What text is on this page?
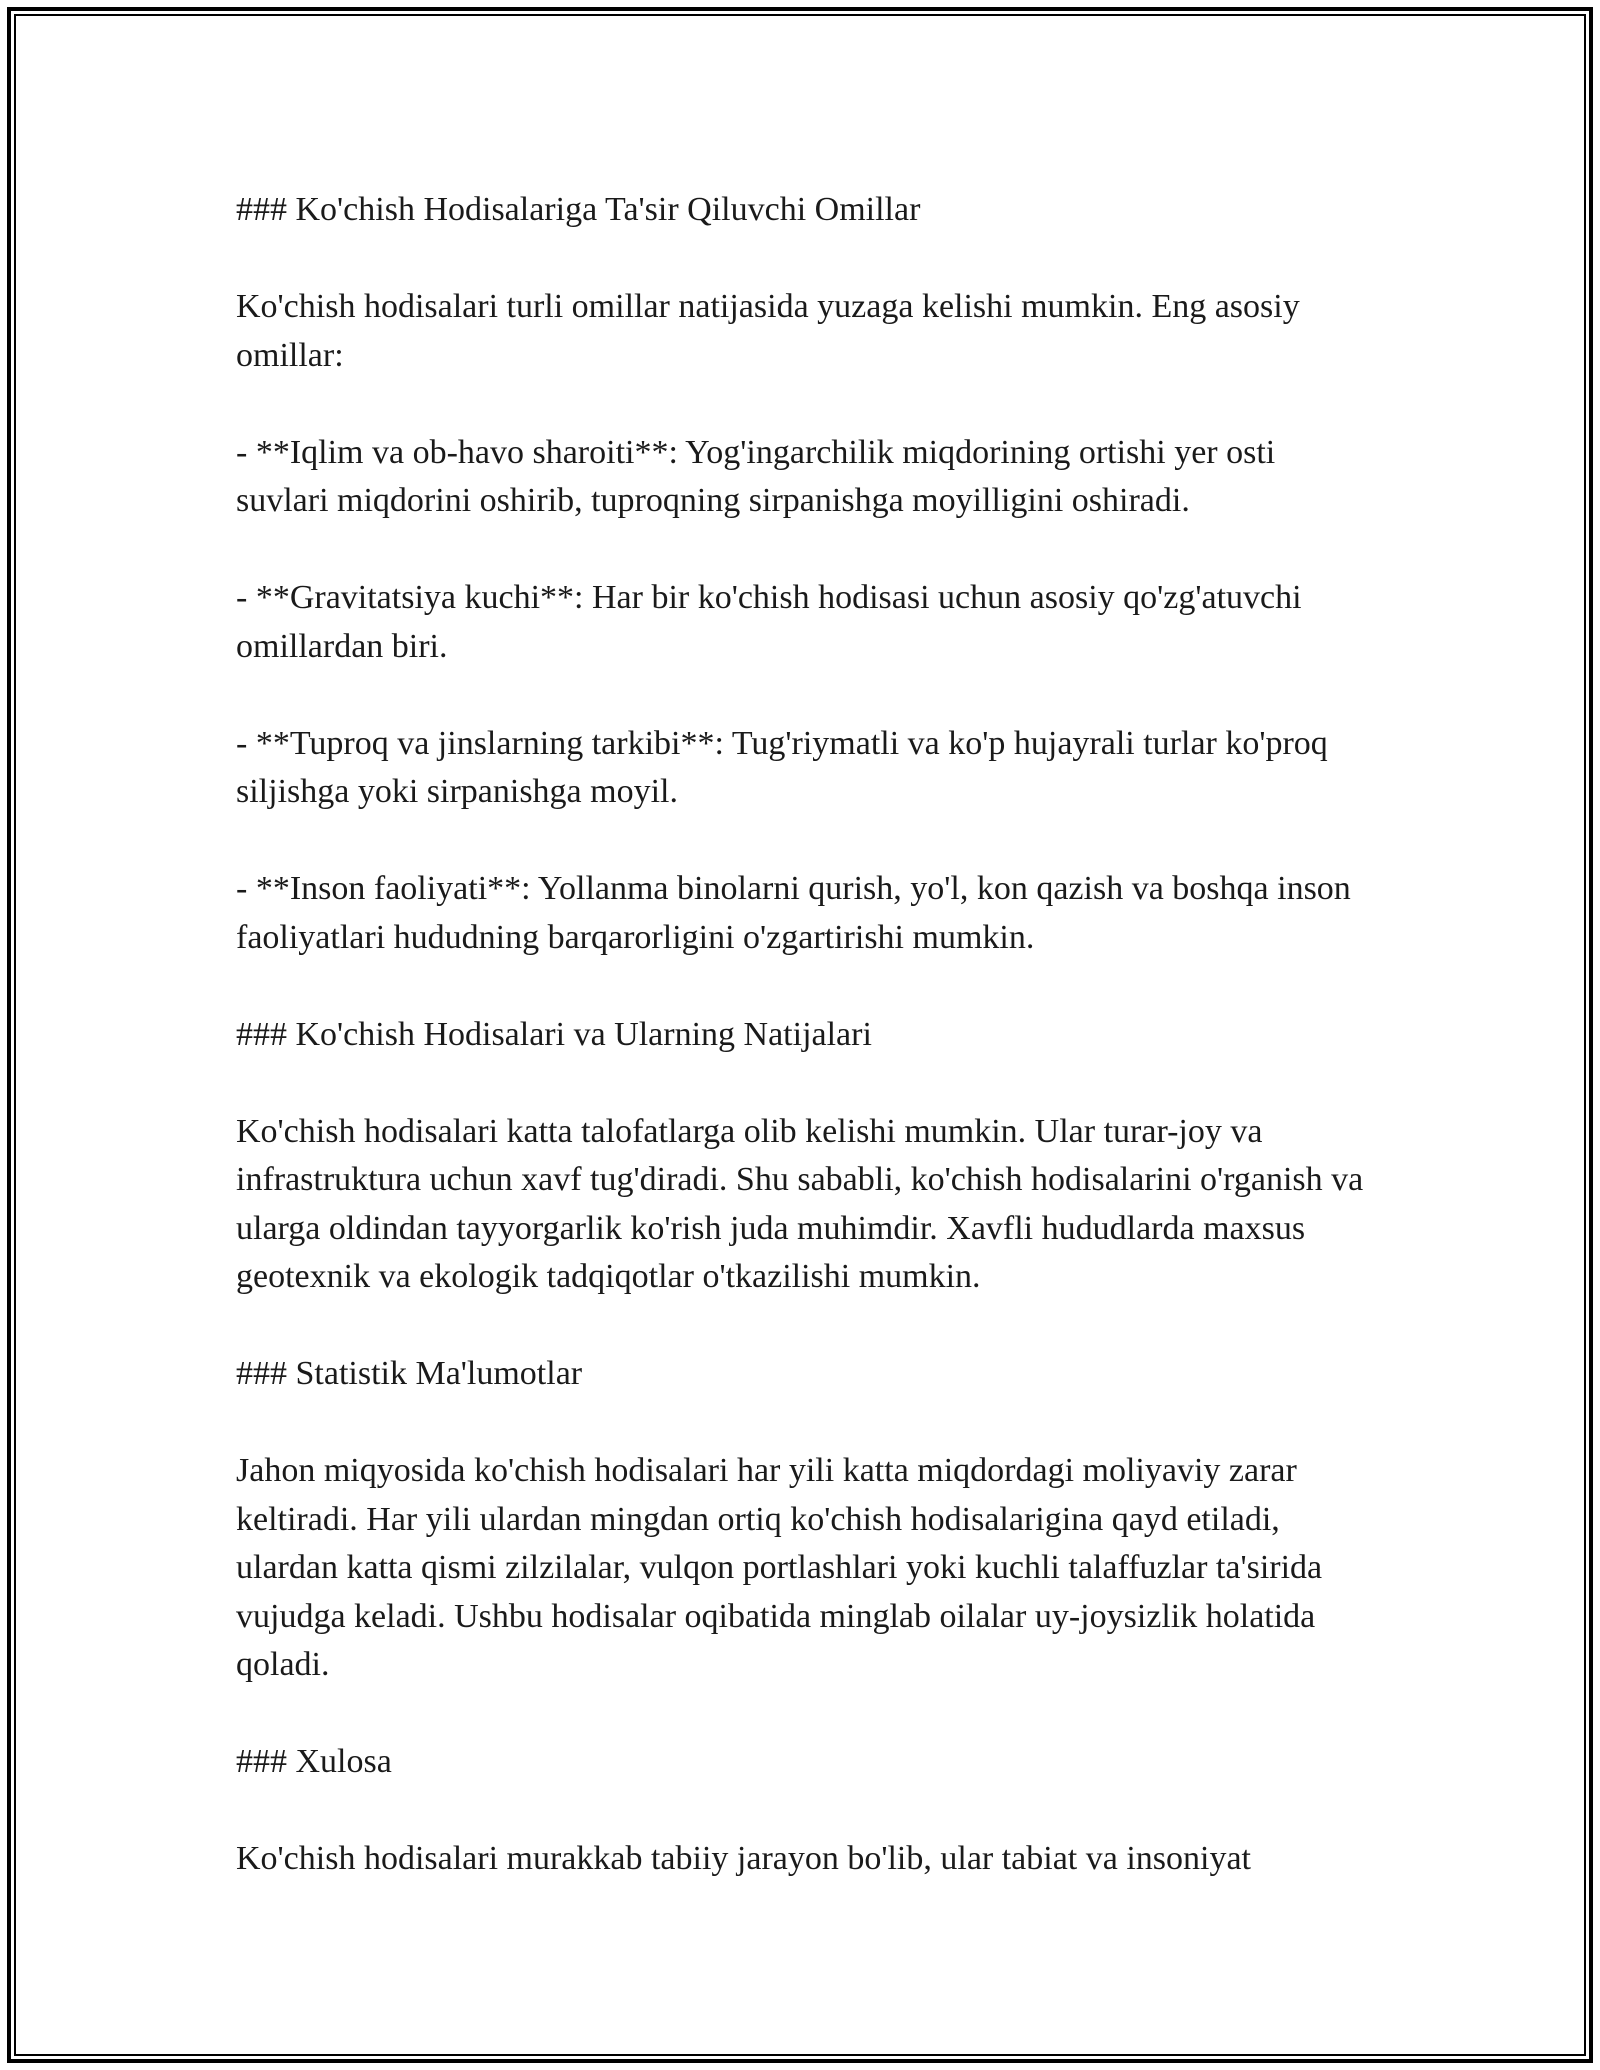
### Ko'chish Hodisalariga Ta'sir Qiluvchi Omillar

Ko'chish hodisalari turli omillar natijasida yuzaga kelishi mumkin. Eng asosiy omillar:

- **Iqlim va ob-havo sharoiti**: Yog'ingarchilik miqdorining ortishi yer osti suvlari miqdorini oshirib, tuproqning sirpanishga moyilligini oshiradi.

- **Gravitatsiya kuchi**: Har bir ko'chish hodisasi uchun asosiy qo'zg'atuvchi omillardan biri.

- **Tuproq va jinslarning tarkibi**: Tug'riymatli va ko'p hujayrali turlar ko'proq siljishga yoki sirpanishga moyil.

- **Inson faoliyati**: Yollanma binolarni qurish, yo'l, kon qazish va boshqa inson faoliyatlari hududning barqarorligini o'zgartirishi mumkin.

### Ko'chish Hodisalari va Ularning Natijalari

Ko'chish hodisalari katta talofatlarga olib kelishi mumkin. Ular turar-joy va infrastruktura uchun xavf tug'diradi. Shu sababli, ko'chish hodisalarini o'rganish va ularga oldindan tayyorgarlik ko'rish juda muhimdir. Xavfli hududlarda maxsus geotexnik va ekologik tadqiqotlar o'tkazilishi mumkin.

### Statistik Ma'lumotlar

Jahon miqyosida ko'chish hodisalari har yili katta miqdordagi moliyaviy zarar keltiradi. Har yili ulardan mingdan ortiq ko'chish hodisalarigina qayd etiladi, ulardan katta qismi zilzilalar, vulqon portlashlari yoki kuchli talaffuzlar ta'sirida vujudga keladi. Ushbu hodisalar oqibatida minglab oilalar uy-joysizlik holatida qoladi.

### Xulosa

Ko'chish hodisalari murakkab tabiiy jarayon bo'lib, ular tabiat va insoniyat
